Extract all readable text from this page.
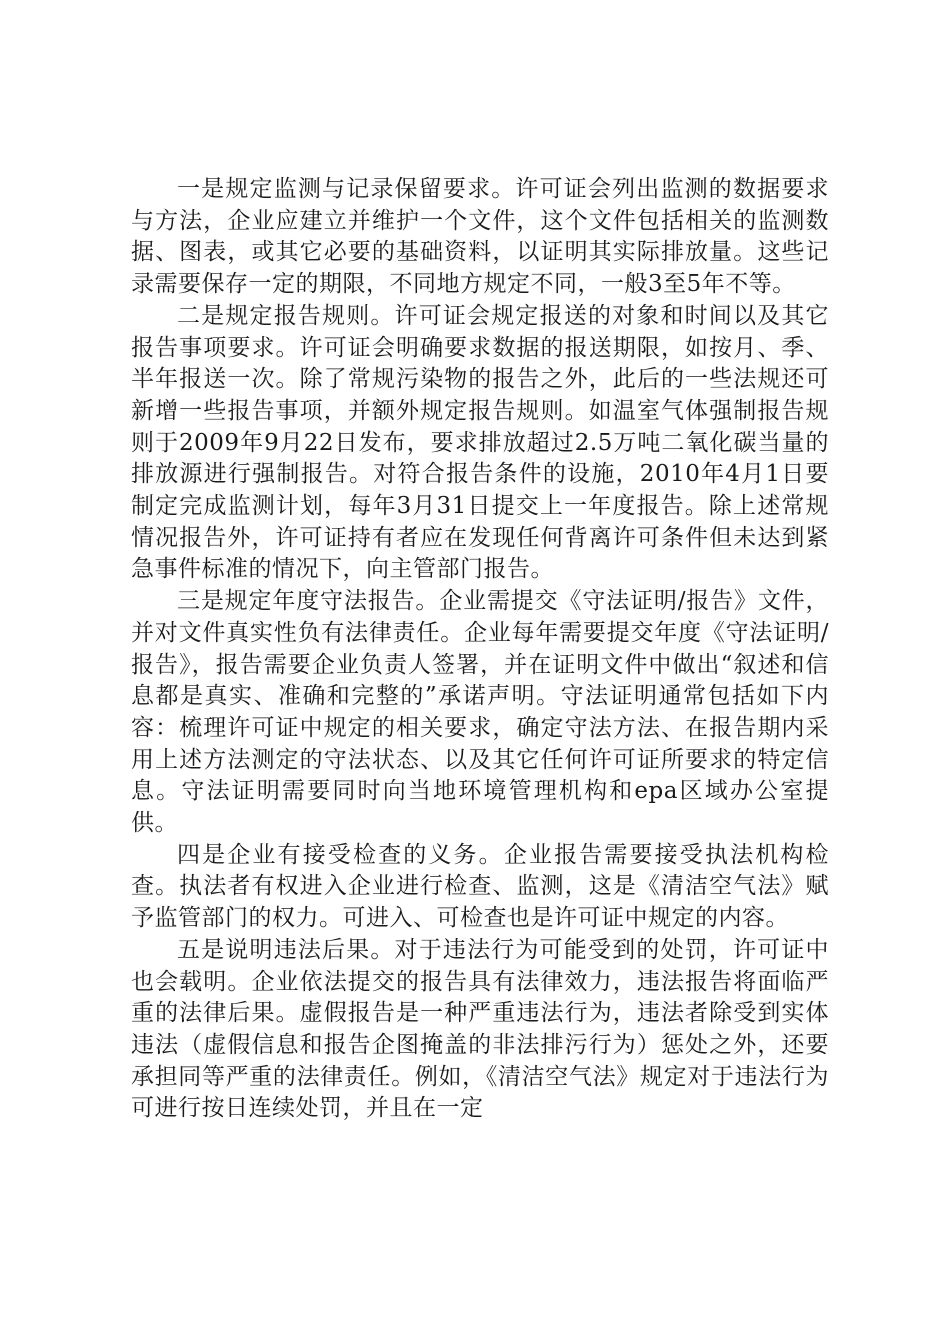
一是规定监测与记录保留要求。许可证会列出监测的数据要求与方法，企业应建立并维护一个文件，这个文件包括相关的监测数据、图表，或其它必要的基础资料，以证明其实际排放量。这些记录需要保存一定的期限，不同地方规定不同，一般3至5年不等。

二是规定报告规则。许可证会规定报送的对象和时间以及其它报告事项要求。许可证会明确要求数据的报送期限，如按月、季、半年报送一次。除了常规污染物的报告之外，此后的一些法规还可新增一些报告事项，并额外规定报告规则。如温室气体强制报告规则于2009年9月22日发布，要求排放超过2.5万吨二氧化碳当量的排放源进行强制报告。对符合报告条件的设施，2010年4月1日要制定完成监测计划，每年3月31日提交上一年度报告。除上述常规情况报告外，许可证持有者应在发现任何背离许可条件但未达到紧急事件标准的情况下，向主管部门报告。

三是规定年度守法报告。企业需提交《守法证明/报告》文件，并对文件真实性负有法律责任。企业每年需要提交年度《守法证明/报告》，报告需要企业负责人签署，并在证明文件中做出“叙述和信息都是真实、准确和完整的”承诺声明。守法证明通常包括如下内容：梳理许可证中规定的相关要求，确定守法方法、在报告期内采用上述方法测定的守法状态、以及其它任何许可证所要求的特定信息。守法证明需要同时向当地环境管理机构和epa区域办公室提供。

四是企业有接受检查的义务。企业报告需要接受执法机构检查。执法者有权进入企业进行检查、监测，这是《清洁空气法》赋予监管部门的权力。可进入、可检查也是许可证中规定的内容。

五是说明违法后果。对于违法行为可能受到的处罚，许可证中也会载明。企业依法提交的报告具有法律效力，违法报告将面临严重的法律后果。虚假报告是一种严重违法行为，违法者除受到实体违法（虚假信息和报告企图掩盖的非法排污行为）惩处之外，还要承担同等严重的法律责任。例如，《清洁空气法》规定对于违法行为可进行按日连续处罚，并且在一定
